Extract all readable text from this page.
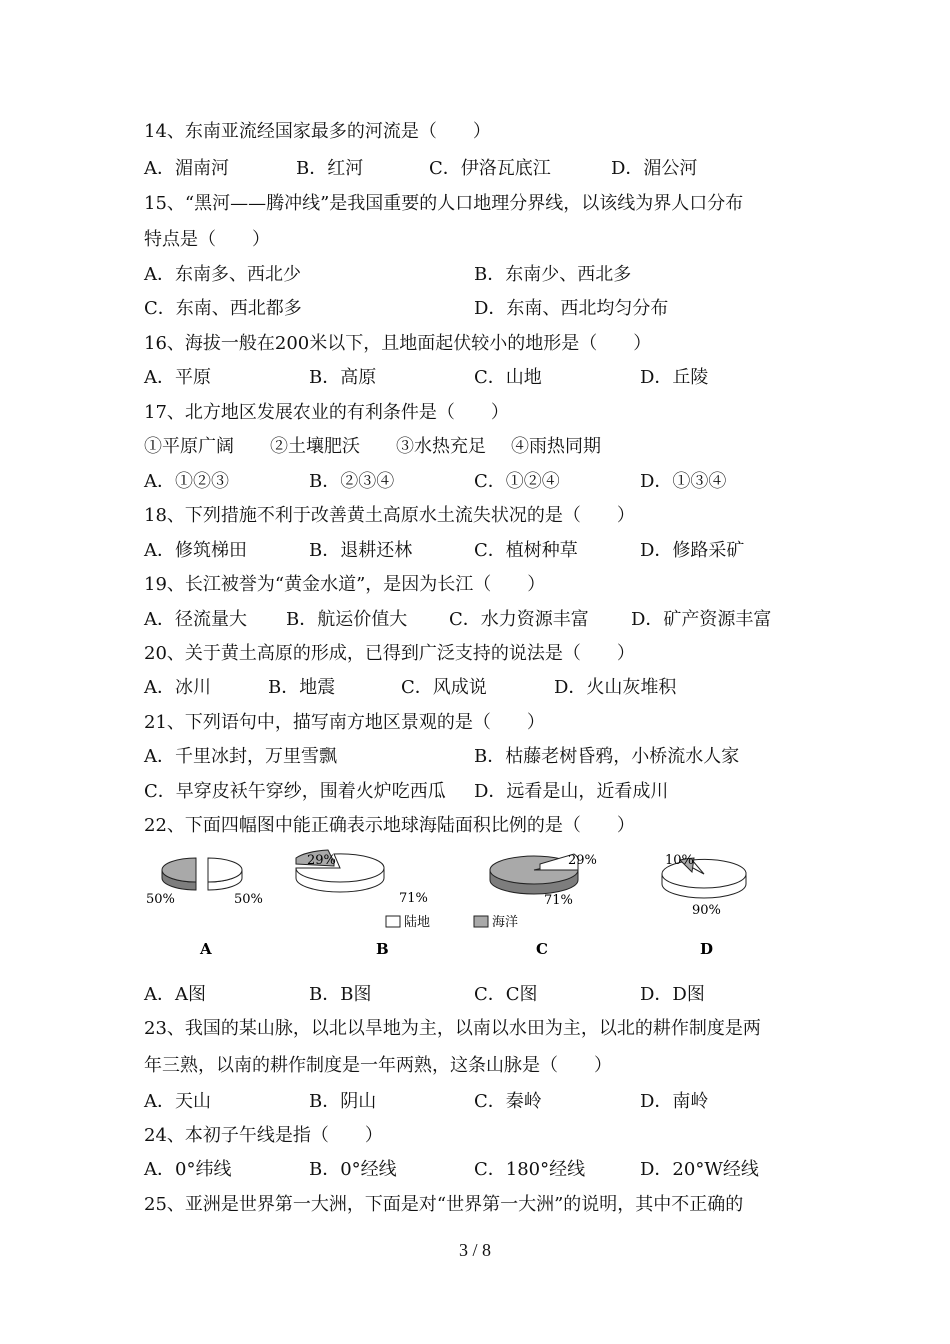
14、东南亚流经国家最多的河流是（　　）
A．湄南河	B．红河	C．伊洛瓦底江	D．湄公河
15、“黑河——腾冲线”是我国重要的人口地理分界线，以该线为界人口分布
特点是（　　）
A．东南多、西北少	B．东南少、西北多
C．东南、西北都多	D．东南、西北均匀分布
16、海拔一般在200米以下，且地面起伏较小的地形是（　　）
A．平原	B．高原	C．山地	D．丘陵
17、北方地区发展农业的有利条件是（　　）
①平原广阔 ②土壤肥沃 ③水热充足 ④雨热同期
A．①②③	B．②③④	C．①②④	D．①③④
18、下列措施不利于改善黄土高原水土流失状况的是（　　）
A．修筑梯田	B．退耕还林	C．植树种草	D．修路采矿
19、长江被誉为“黄金水道”，是因为长江（　　）
A．径流量大 B．航运价值大 C．水力资源丰富 D．矿产资源丰富
20、关于黄土高原的形成，已得到广泛支持的说法是（　　）
A．冰川	B．地震	C．风成说	D．火山灰堆积
21、下列语句中，描写南方地区景观的是（　　）
A．千里冰封，万里雪飘	B．枯藤老树昏鸦，小桥流水人家
C．早穿皮袄午穿纱，围着火炉吃西瓜 D．远看是山，近看成川
22、下面四幅图中能正确表示地球海陆面积比例的是（　　）
50%	50%
A
29%
71%
B
29%
71%
C
10%
90%
D
陆地	海洋
A．A图	B．B图	C．C图	D．D图
23、我国的某山脉，以北以旱地为主，以南以水田为主，以北的耕作制度是两
年三熟，以南的耕作制度是一年两熟，这条山脉是（　　）
A．天山	B．阴山	C．秦岭	D．南岭
24、本初子午线是指（　　）
A．0°纬线	B．0°经线	C．180°经线	D．20°W经线
25、亚洲是世界第一大洲，下面是对“世界第一大洲”的说明，其中不正确的
3 / 8
